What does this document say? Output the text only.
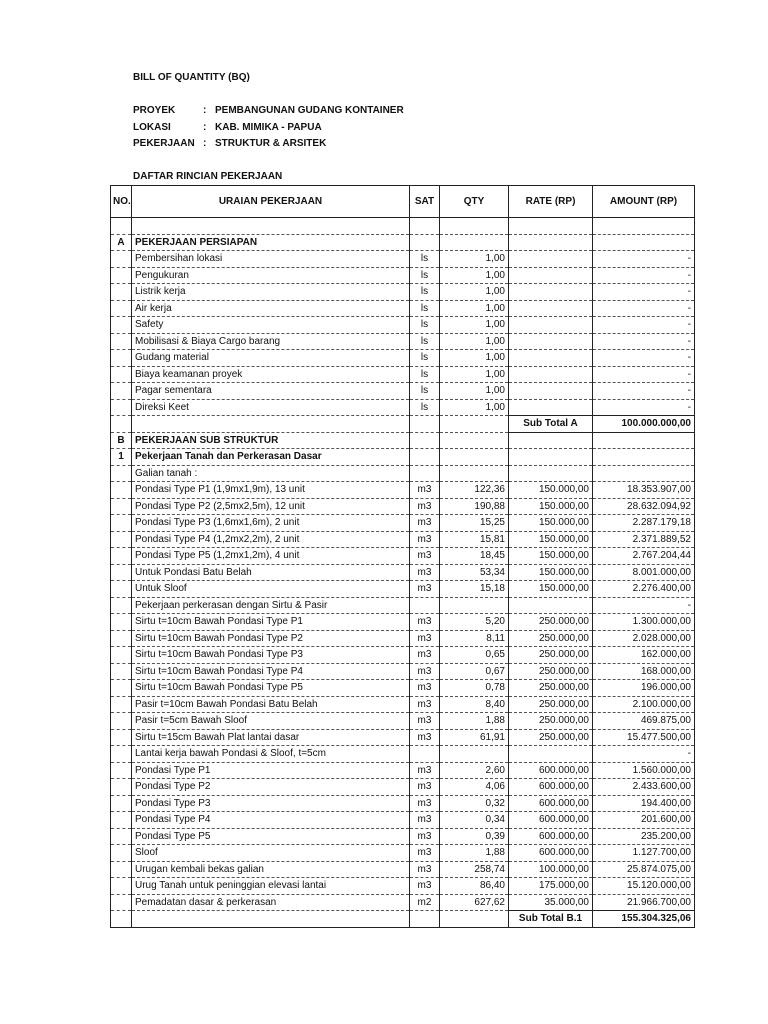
BILL OF QUANTITY (BQ)
PROYEK	: PEMBANGUNAN GUDANG KONTAINER
LOKASI	: KAB. MIMIKA - PAPUA
PEKERJAAN : STRUKTUR & ARSITEK
DAFTAR RINCIAN PEKERJAAN
NO.	URAIAN PEKERJAAN	SAT	QTY	RATE (RP)	AMOUNT (RP)

A	PEKERJAAN PERSIAPAN				
	Pembersihan lokasi	ls	1,00		-
	Pengukuran	ls	1,00		-
	Listrik kerja	ls	1,00		-
	Air kerja	ls	1,00		-
	Safety	ls	1,00		-
	Mobilisasi & Biaya Cargo barang	ls	1,00		-
	Gudang material	ls	1,00		-
	Biaya keamanan proyek	ls	1,00		-
	Pagar sementara	ls	1,00		-
	Direksi Keet	ls	1,00		-
				Sub Total A	100.000.000,00
B	PEKERJAAN SUB STRUKTUR				
1	Pekerjaan Tanah dan Perkerasan Dasar				
	Galian tanah :				
	Pondasi Type P1 (1,9mx1,9m), 13 unit	m3	122,36	150.000,00	18.353.907,00
	Pondasi Type P2 (2,5mx2,5m), 12 unit	m3	190,88	150.000,00	28.632.094,92
	Pondasi Type P3 (1,6mx1,6m), 2 unit	m3	15,25	150.000,00	2.287.179,18
	Pondasi Type P4 (1,2mx2,2m), 2 unit	m3	15,81	150.000,00	2.371.889,52
	Pondasi Type P5 (1,2mx1,2m), 4 unit	m3	18,45	150.000,00	2.767.204,44
	Untuk Pondasi Batu Belah	m3	53,34	150.000,00	8.001.000,00
	Untuk Sloof	m3	15,18	150.000,00	2.276.400,00
	Pekerjaan perkerasan dengan Sirtu & Pasir				-
	Sirtu t=10cm Bawah Pondasi Type P1	m3	5,20	250.000,00	1.300.000,00
	Sirtu t=10cm Bawah Pondasi Type P2	m3	8,11	250.000,00	2.028.000,00
	Sirtu t=10cm Bawah Pondasi Type P3	m3	0,65	250.000,00	162.000,00
	Sirtu t=10cm Bawah Pondasi Type P4	m3	0,67	250.000,00	168.000,00
	Sirtu t=10cm Bawah Pondasi Type P5	m3	0,78	250.000,00	196.000,00
	Pasir t=10cm Bawah Pondasi Batu Belah	m3	8,40	250.000,00	2.100.000,00
	Pasir t=5cm Bawah Sloof	m3	1,88	250.000,00	469.875,00
	Sirtu t=15cm Bawah Plat lantai dasar	m3	61,91	250.000,00	15.477.500,00
	Lantai kerja bawah Pondasi & Sloof, t=5cm				-
	Pondasi Type P1	m3	2,60	600.000,00	1.560.000,00
	Pondasi Type P2	m3	4,06	600.000,00	2.433.600,00
	Pondasi Type P3	m3	0,32	600.000,00	194.400,00
	Pondasi Type P4	m3	0,34	600.000,00	201.600,00
	Pondasi Type P5	m3	0,39	600.000,00	235.200,00
	Sloof	m3	1,88	600.000,00	1.127.700,00
	Urugan kembali bekas galian	m3	258,74	100.000,00	25.874.075,00
	Urug Tanah untuk peninggian elevasi lantai	m3	86,40	175.000,00	15.120.000,00
	Pemadatan dasar & perkerasan	m2	627,62	35.000,00	21.966.700,00
				Sub Total B.1	155.304.325,06
